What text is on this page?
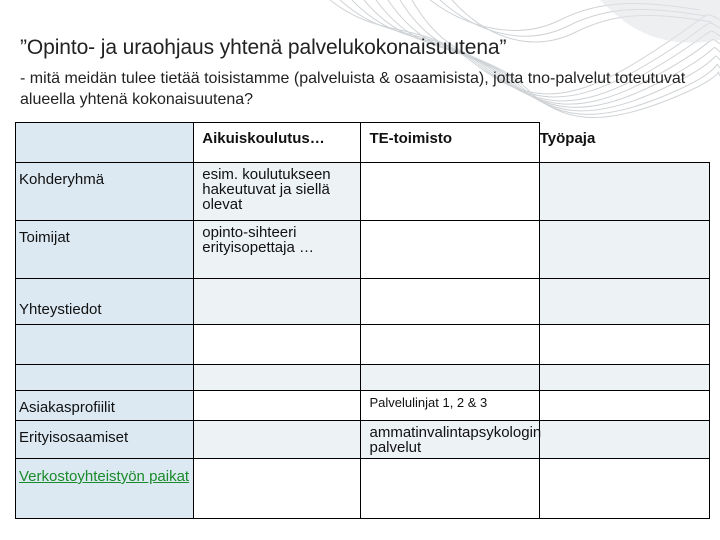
”Opinto- ja uraohjaus yhtenä palvelukokonaisuutena”
- mitä meidän tulee tietää toisistamme (palveluista & osaamisista), jotta tno-palvelut toteutuvat alueella yhtenä kokonaisuutena?
	Aikuiskoulutus…	TE-toimisto	Työpaja
Kohderyhmä	esim. koulutukseen hakeutuvat ja siellä olevat		
Toimijat	opinto-sihteeri erityisopettaja …		
Yhteystiedot			

Asiakasprofiilit		Palvelulinjat 1, 2 & 3	
Erityisosaamiset		ammatinvalintapsykologin palvelut	
Verkostoyhteistyön paikat			
